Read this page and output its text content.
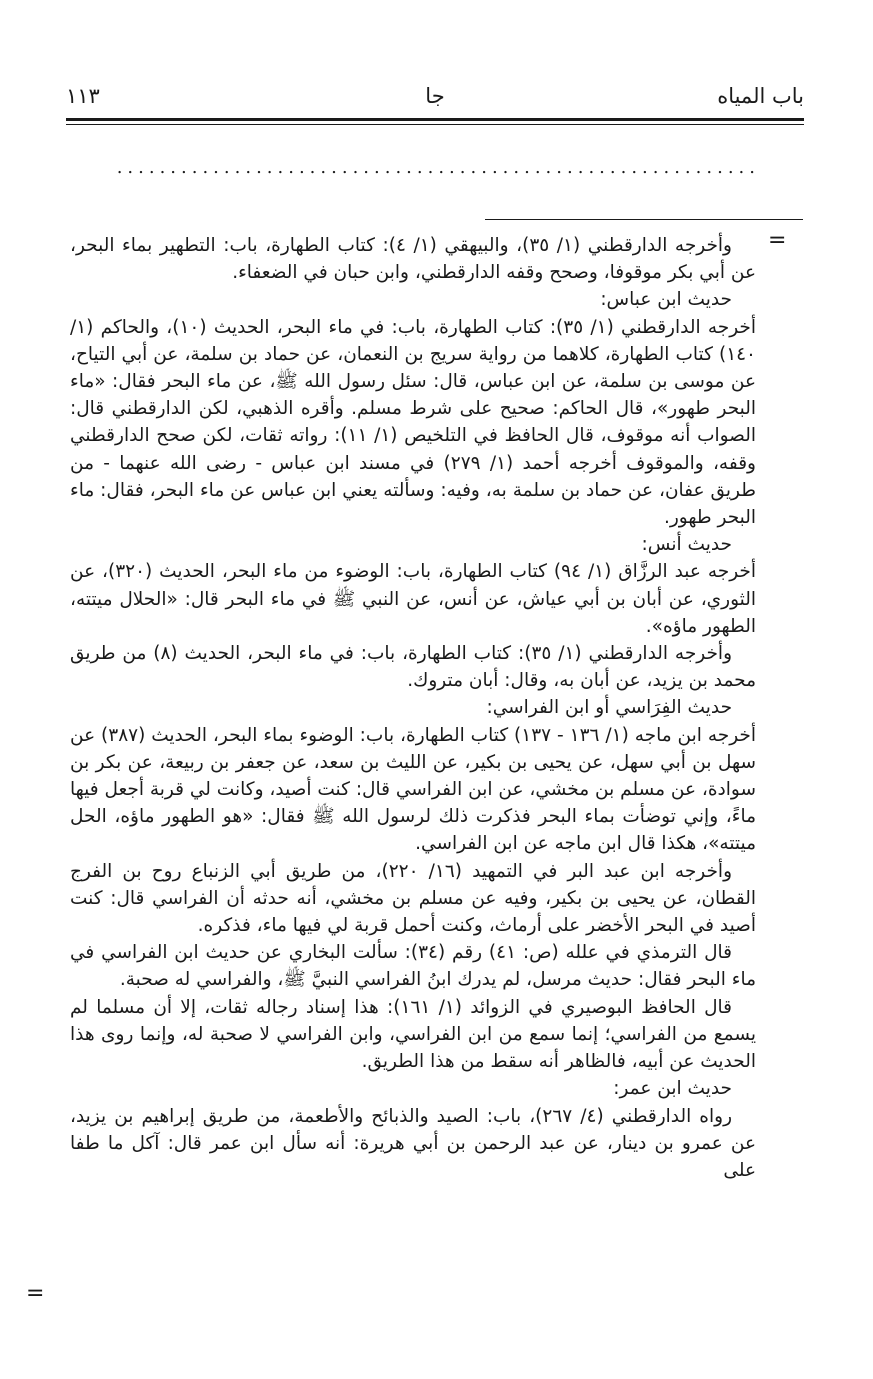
باب المياه
جا
١١٣
............................................................
=

وأخرجه الدارقطني (١/ ٣٥)، والبيهقي (١/ ٤): كتاب الطهارة، باب: التطهير بماء البحر، عن أبي بكر موقوفا، وصحح وقفه الدارقطني، وابن حبان في الضعفاء.

حديث ابن عباس:

أخرجه الدارقطني (١/ ٣٥): كتاب الطهارة، باب: في ماء البحر، الحديث (١٠)، والحاكم (١/ ١٤٠) كتاب الطهارة، كلاهما من رواية سريج بن النعمان، عن حماد بن سلمة، عن أبي التياح، عن موسى بن سلمة، عن ابن عباس، قال: سئل رسول الله ﷺ، عن ماء البحر فقال: «ماء البحر طهور»، قال الحاكم: صحيح على شرط مسلم. وأقره الذهبي، لكن الدارقطني قال: الصواب أنه موقوف، قال الحافظ في التلخيص (١/ ١١): رواته ثقات، لكن صحح الدارقطني وقفه، والموقوف أخرجه أحمد (١/ ٢٧٩) في مسند ابن عباس - رضى الله عنهما - من طريق عفان، عن حماد بن سلمة به، وفيه: وسألته يعني ابن عباس عن ماء البحر، فقال: ماء البحر طهور.

حديث أنس:

أخرجه عبد الرزَّاق (١/ ٩٤) كتاب الطهارة، باب: الوضوء من ماء البحر، الحديث (٣٢٠)، عن الثوري، عن أبان بن أبي عياش، عن أنس، عن النبي ﷺ في ماء البحر قال: «الحلال ميتته، الطهور ماؤه».

وأخرجه الدارقطني (١/ ٣٥): كتاب الطهارة، باب: في ماء البحر، الحديث (٨) من طريق محمد بن يزيد، عن أبان به، وقال: أبان متروك.

حديث الفِرَاسي أو ابن الفراسي:

أخرجه ابن ماجه (١/ ١٣٦ - ١٣٧) كتاب الطهارة، باب: الوضوء بماء البحر، الحديث (٣٨٧) عن سهل بن أبي سهل، عن يحيى بن بكير، عن الليث بن سعد، عن جعفر بن ربيعة، عن بكر بن سوادة، عن مسلم بن مخشي، عن ابن الفراسي قال: كنت أصيد، وكانت لي قربة أجعل فيها ماءً، وإني توضأت بماء البحر فذكرت ذلك لرسول الله ﷺ فقال: «هو الطهور ماؤه، الحل ميتته»، هكذا قال ابن ماجه عن ابن الفراسي.

وأخرجه ابن عبد البر في التمهيد (١٦/ ٢٢٠)، من طريق أبي الزنباع روح بن الفرج القطان، عن يحيى بن بكير، وفيه عن مسلم بن مخشي، أنه حدثه أن الفراسي قال: كنت أصيد في البحر الأخضر على أرماث، وكنت أحمل قربة لي فيها ماء، فذكره.

قال الترمذي في علله (ص: ٤١) رقم (٣٤): سألت البخاري عن حديث ابن الفراسي في ماء البحر فقال: حديث مرسل، لم يدرك ابنُ الفراسي النبيَّ ﷺ، والفراسي له صحبة.

قال الحافظ البوصيري في الزوائد (١/ ١٦١): هذا إسناد رجاله ثقات، إلا أن مسلما لم يسمع من الفراسي؛ إنما سمع من ابن الفراسي، وابن الفراسي لا صحبة له، وإنما روى هذا الحديث عن أبيه، فالظاهر أنه سقط من هذا الطريق.

حديث ابن عمر:

رواه الدارقطني (٤/ ٢٦٧)، باب: الصيد والذبائح والأطعمة، من طريق إبراهيم بن يزيد، عن عمرو بن دينار، عن عبد الرحمن بن أبي هريرة: أنه سأل ابن عمر قال: آكل ما طفا على

=
